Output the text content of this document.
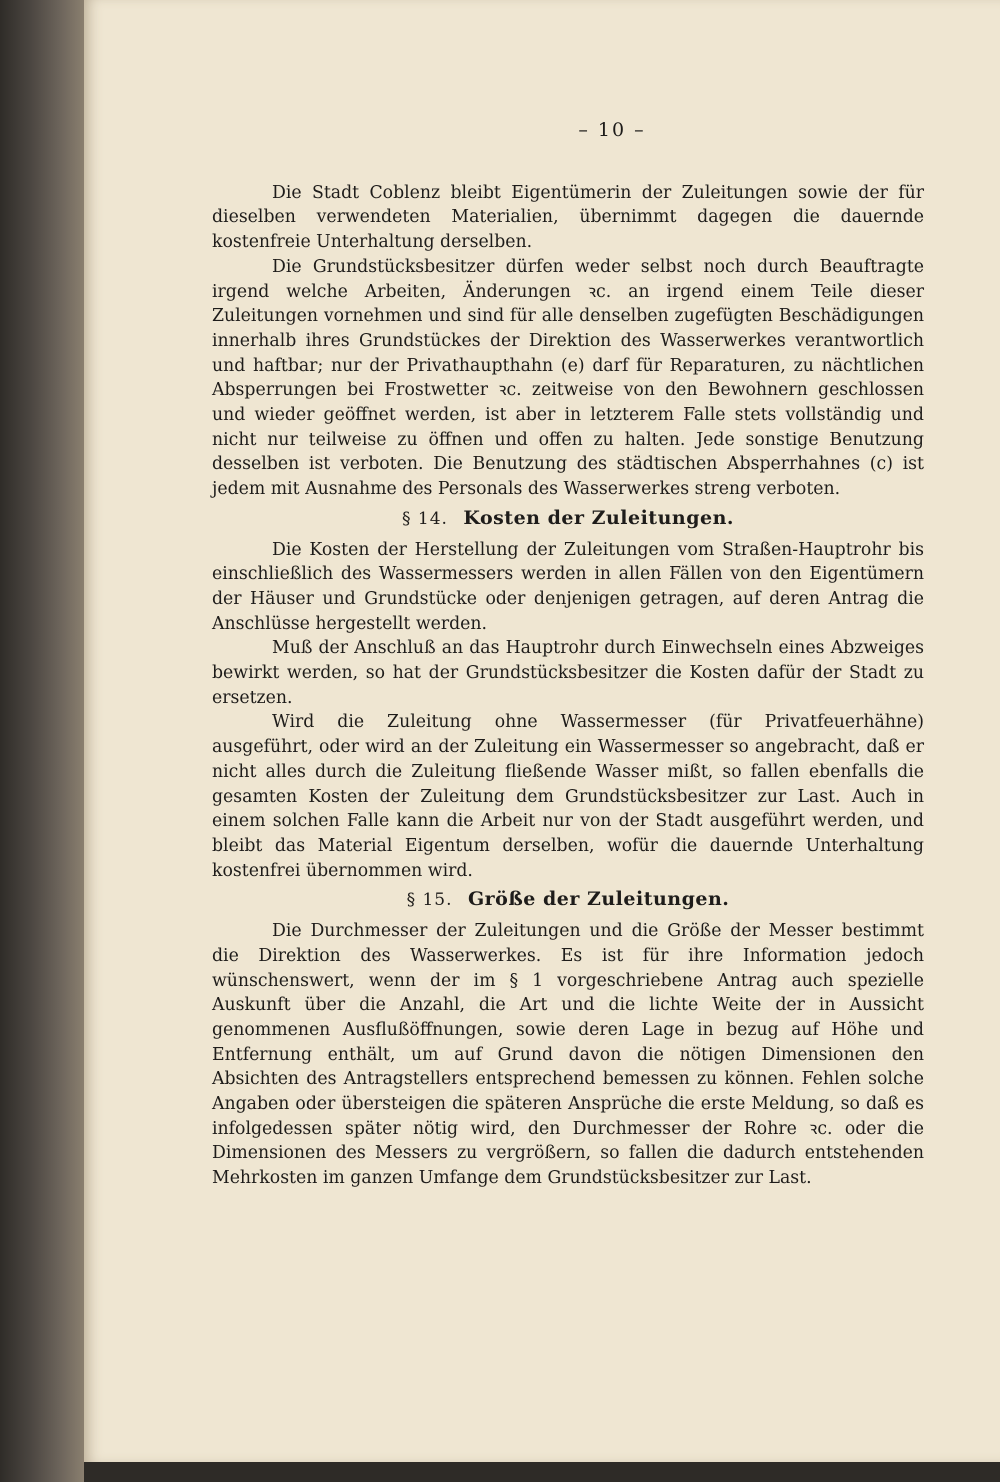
– 10 –

Die Stadt Coblenz bleibt Eigentümerin der Zuleitungen sowie der für dieselben verwendeten Materialien, übernimmt dagegen die dauernde kostenfreie Unterhaltung derselben.

Die Grundstücksbesitzer dürfen weder selbst noch durch Beauftragte irgend welche Arbeiten, Änderungen ꝛc. an irgend einem Teile dieser Zuleitungen vornehmen und sind für alle denselben zugefügten Beschädigungen innerhalb ihres Grundstückes der Direktion des Wasserwerkes verantwortlich und haftbar; nur der Privathaupthahn (e) darf für Reparaturen, zu nächtlichen Absperrungen bei Frostwetter ꝛc. zeitweise von den Bewohnern geschlossen und wieder geöffnet werden, ist aber in letzterem Falle stets vollständig und nicht nur teilweise zu öffnen und offen zu halten. Jede sonstige Benutzung desselben ist verboten. Die Benutzung des städtischen Absperrhahnes (c) ist jedem mit Ausnahme des Personals des Wasserwerkes streng verboten.

§ 14. Kosten der Zuleitungen.

Die Kosten der Herstellung der Zuleitungen vom Straßen-Hauptrohr bis einschließlich des Wassermessers werden in allen Fällen von den Eigentümern der Häuser und Grundstücke oder denjenigen getragen, auf deren Antrag die Anschlüsse hergestellt werden.

Muß der Anschluß an das Hauptrohr durch Einwechseln eines Abzweiges bewirkt werden, so hat der Grundstücksbesitzer die Kosten dafür der Stadt zu ersetzen.

Wird die Zuleitung ohne Wassermesser (für Privatfeuerhähne) ausgeführt, oder wird an der Zuleitung ein Wassermesser so angebracht, daß er nicht alles durch die Zuleitung fließende Wasser mißt, so fallen ebenfalls die gesamten Kosten der Zuleitung dem Grundstücksbesitzer zur Last. Auch in einem solchen Falle kann die Arbeit nur von der Stadt ausgeführt werden, und bleibt das Material Eigentum derselben, wofür die dauernde Unterhaltung kostenfrei übernommen wird.

§ 15. Größe der Zuleitungen.

Die Durchmesser der Zuleitungen und die Größe der Messer bestimmt die Direktion des Wasserwerkes. Es ist für ihre Information jedoch wünschenswert, wenn der im § 1 vorgeschriebene Antrag auch spezielle Auskunft über die Anzahl, die Art und die lichte Weite der in Aussicht genommenen Ausflußöffnungen, sowie deren Lage in bezug auf Höhe und Entfernung enthält, um auf Grund davon die nötigen Dimensionen den Absichten des Antragstellers entsprechend bemessen zu können. Fehlen solche Angaben oder übersteigen die späteren Ansprüche die erste Meldung, so daß es infolgedessen später nötig wird, den Durchmesser der Rohre ꝛc. oder die Dimensionen des Messers zu vergrößern, so fallen die dadurch entstehenden Mehrkosten im ganzen Umfange dem Grundstücksbesitzer zur Last.
